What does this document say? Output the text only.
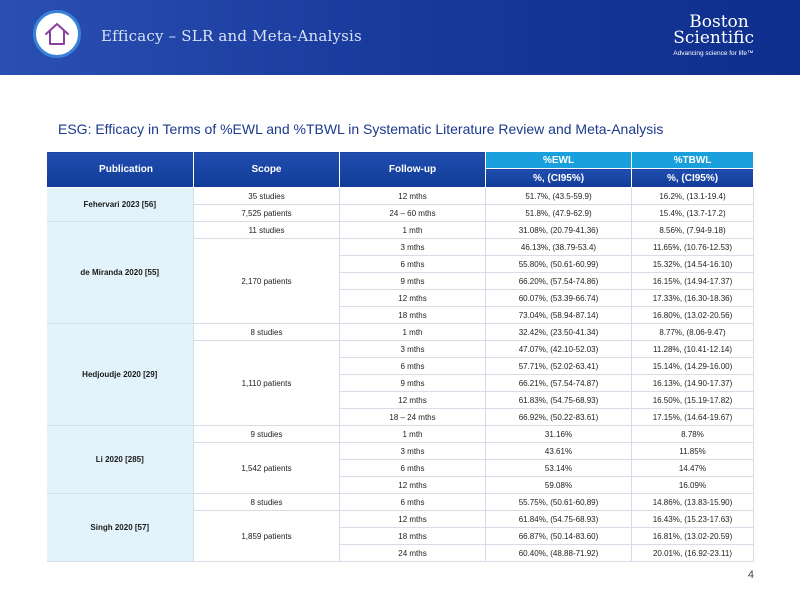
Efficacy – SLR and Meta-Analysis
Boston
Scientific
Advancing science for life™
ESG: Efficacy in Terms of %EWL and %TBWL in Systematic Literature Review and Meta-Analysis
Publication	Scope	Follow-up	%EWL	%TBWL
			%, (CI95%)	%, (CI95%)
Fehervari 2023 [56]	35 studies	12 mths	51.7%, (43.5-59.9)	16.2%, (13.1-19.4)
	7,525 patients	24 – 60 mths	51.8%, (47.9-62.9)	15.4%, (13.7-17.2)
de Miranda 2020 [55]	11 studies	1 mth	31.08%, (20.79-41.36)	8.56%, (7.94-9.18)
	2,170 patients	3 mths	46.13%, (38.79-53.4)	11.65%, (10.76-12.53)
		6 mths	55.80%, (50.61-60.99)	15.32%, (14.54-16.10)
		9 mths	66.20%, (57.54-74.86)	16.15%, (14.94-17.37)
		12 mths	60.07%, (53.39-66.74)	17.33%, (16.30-18.36)
		18 mths	73.04%, (58.94-87.14)	16.80%, (13.02-20.56)
Hedjoudje 2020 [29]	8 studies	1 mth	32.42%, (23.50-41.34)	8.77%, (8.06-9.47)
	1,110 patients	3 mths	47.07%, (42.10-52.03)	11.28%, (10.41-12.14)
		6 mths	57.71%, (52.02-63.41)	15.14%, (14.29-16.00)
		9 mths	66.21%, (57.54-74.87)	16.13%, (14.90-17.37)
		12 mths	61.83%, (54.75-68.93)	16.50%, (15.19-17.82)
		18 – 24 mths	66.92%, (50.22-83.61)	17.15%, (14.64-19.67)
Li 2020 [285]	9 studies	1 mth	31.16%	8.78%
	1,542 patients	3 mths	43.61%	11.85%
		6 mths	53.14%	14.47%
		12 mths	59.08%	16.09%
Singh 2020 [57]	8 studies	6 mths	55.75%, (50.61-60.89)	14.86%, (13.83-15.90)
	1,859 patients	12 mths	61.84%, (54.75-68.93)	16.43%, (15.23-17.63)
		18 mths	66.87%, (50.14-83.60)	16.81%, (13.02-20.59)
		24 mths	60.40%, (48.88-71.92)	20.01%, (16.92-23.11)
4
